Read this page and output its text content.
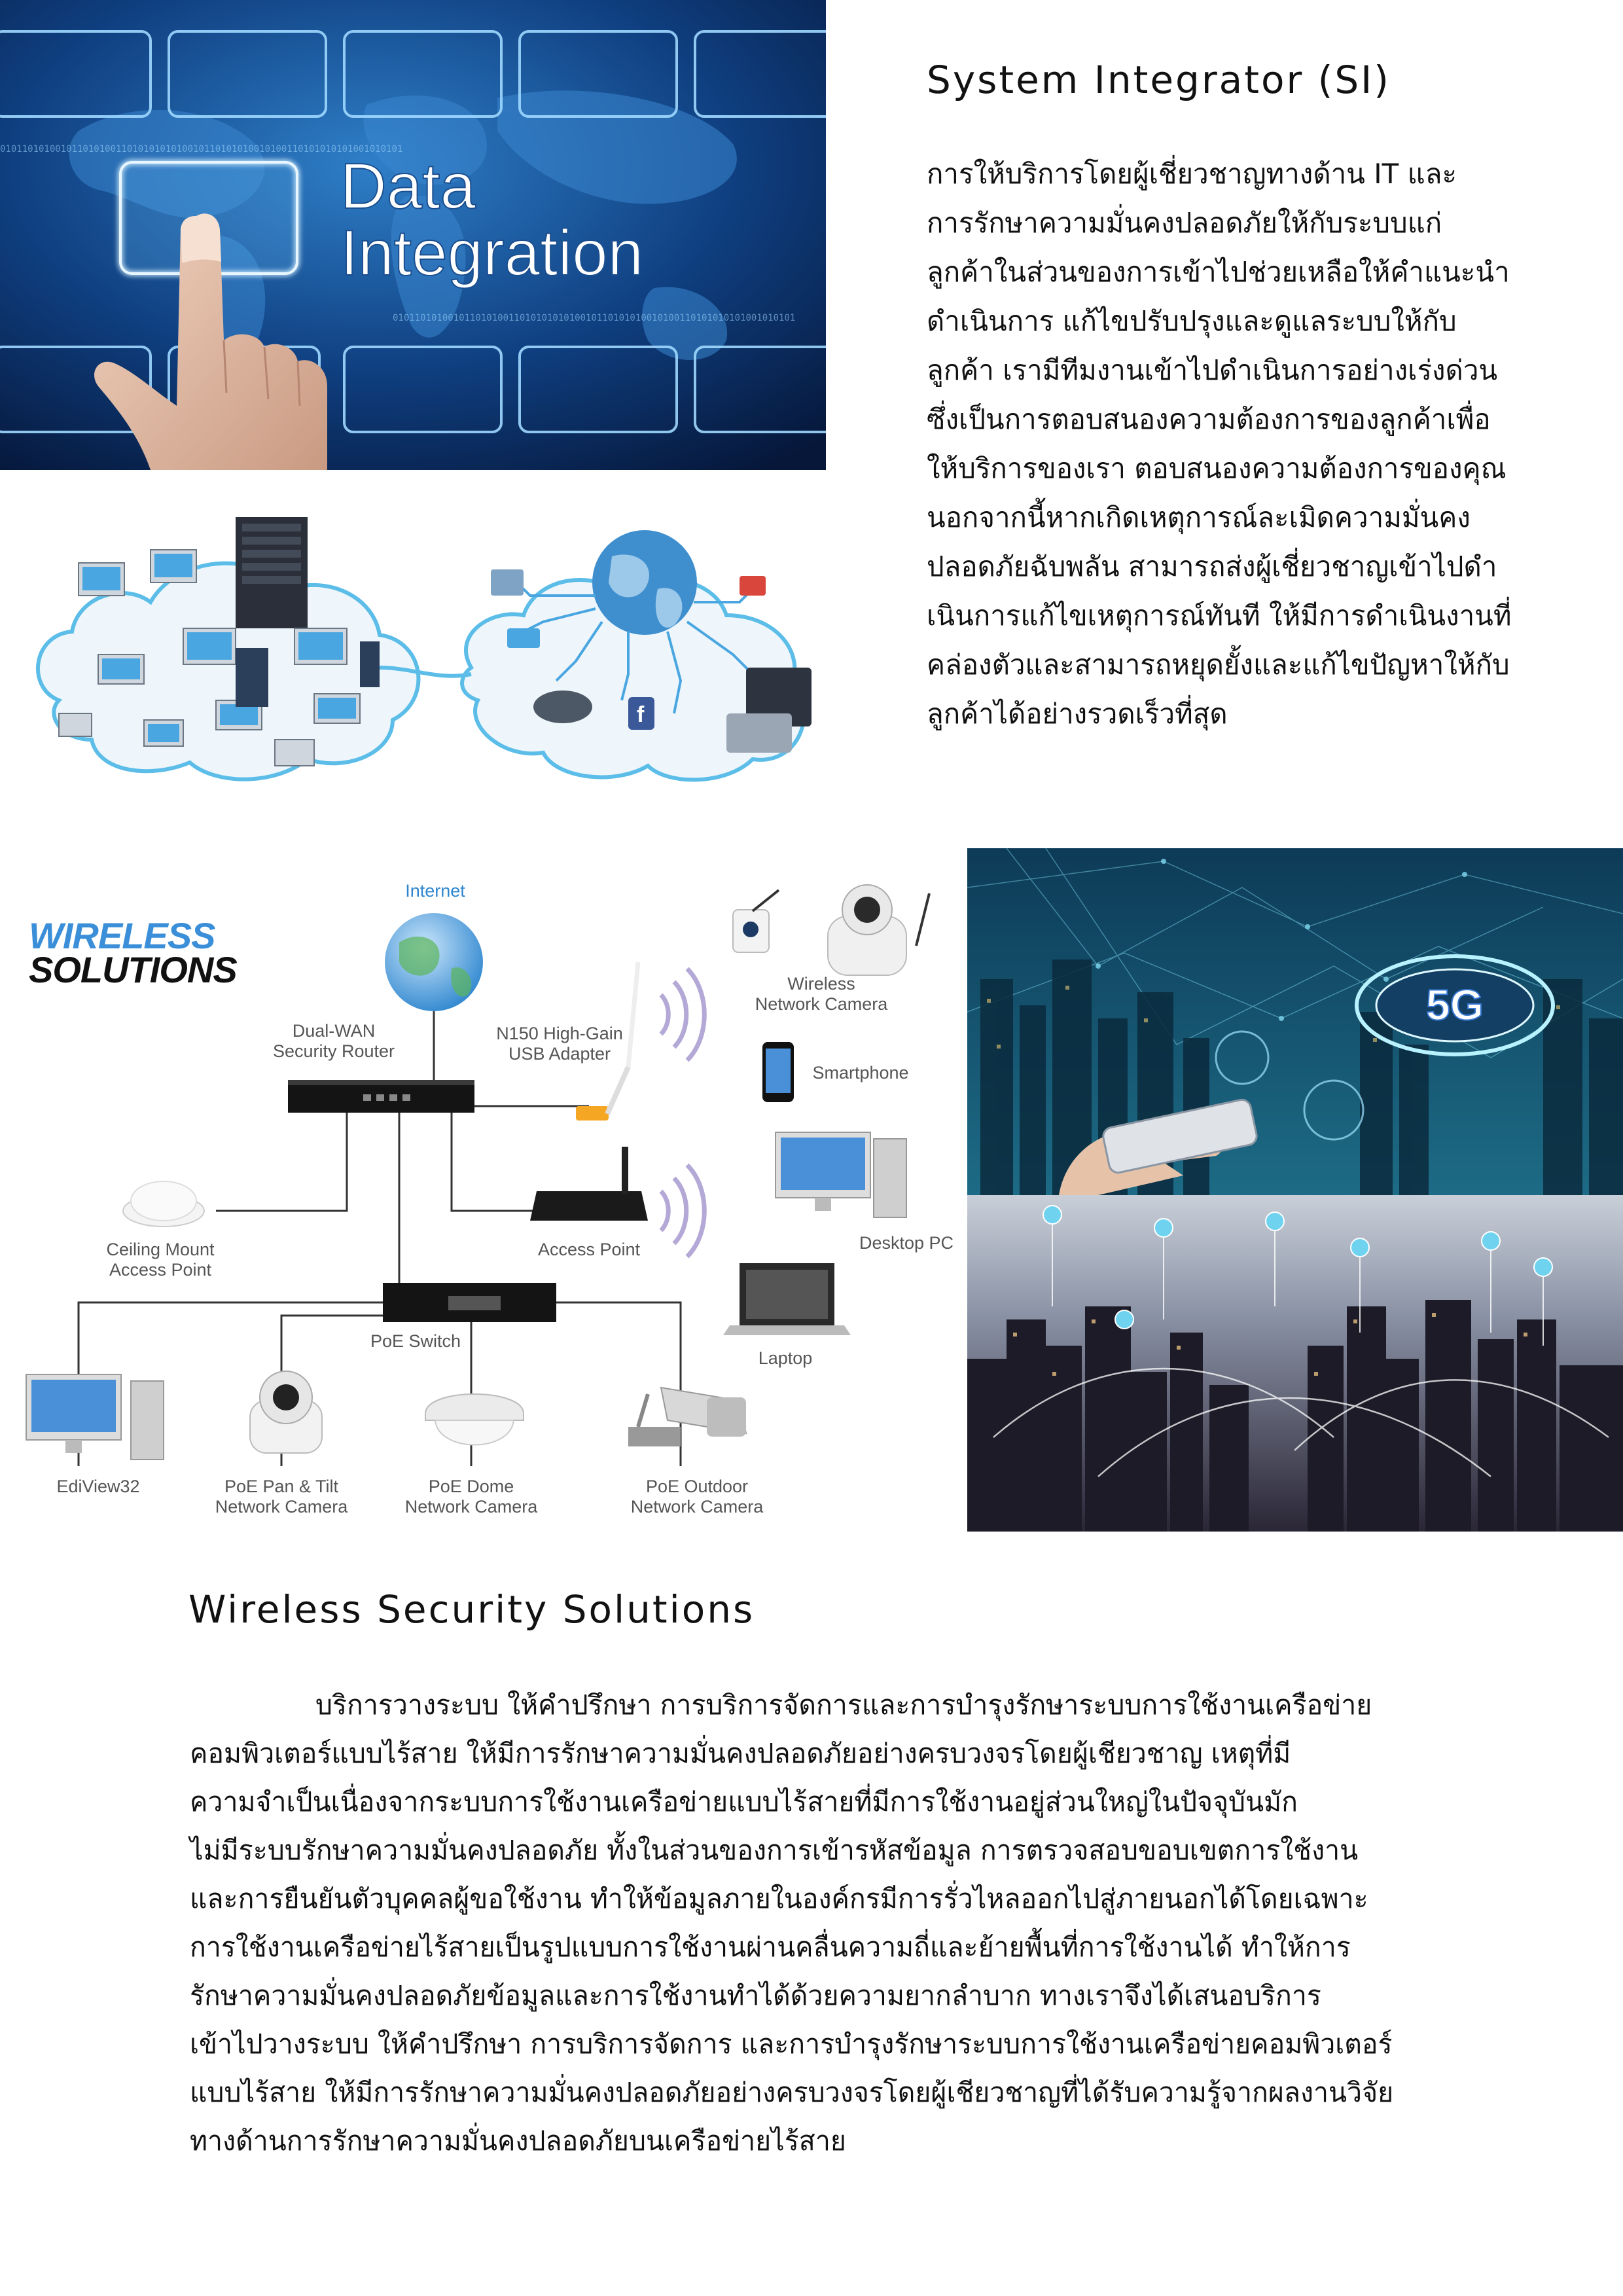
0101101010010110101001101010101010010110101010010100110101010101001010101
0101101010010110101001101010101010010110101010010100110101010101001010101
Data
Integration
f
System Integrator (SI)

การให้บริการโดยผู้เชี่ยวชาญทางด้าน IT และ

การรักษาความมั่นคงปลอดภัยให้กับระบบแก่

ลูกค้าในส่วนของการเข้าไปช่วยเหลือให้คำแนะนำ

ดำเนินการ แก้ไขปรับปรุงและดูแลระบบให้กับ

ลูกค้า เรามีทีมงานเข้าไปดำเนินการอย่างเร่งด่วน

ซึ่งเป็นการตอบสนองความต้องการของลูกค้าเพื่อ

ให้บริการของเรา ตอบสนองความต้องการของคุณ

นอกจากนี้หากเกิดเหตุการณ์ละเมิดความมั่นคง

ปลอดภัยฉับพลัน สามารถส่งผู้เชี่ยวชาญเข้าไปดำ

เนินการแก้ไขเหตุการณ์ทันที ให้มีการดำเนินงานที่

คล่องตัวและสามารถหยุดยั้งและแก้ไขปัญหาให้กับ

ลูกค้าได้อย่างรวดเร็วที่สุด

WIRELESS
SOLUTIONS
Internet
Dual-WAN
Security Router
N150 High-Gain
USB Adapter
Wireless
Network Camera
Smartphone
Ceiling Mount
Access Point
Access Point	Desktop PC
PoE Switch
Laptop
EdiView32	PoE Pan & Tilt
Network Camera
PoE Dome
Network Camera
PoE Outdoor
Network Camera
5G
Wireless Security Solutions

บริการวางระบบ ให้คำปรึกษา การบริการจัดการและการบำรุงรักษาระบบการใช้งานเครือข่าย

คอมพิวเตอร์แบบไร้สาย ให้มีการรักษาความมั่นคงปลอดภัยอย่างครบวงจรโดยผู้เชียวชาญ เหตุที่มี

ความจำเป็นเนื่องจากระบบการใช้งานเครือข่ายแบบไร้สายที่มีการใช้งานอยู่ส่วนใหญ่ในปัจจุบันมัก

ไม่มีระบบรักษาความมั่นคงปลอดภัย ทั้งในส่วนของการเข้ารหัสข้อมูล การตรวจสอบขอบเขตการใช้งาน

และการยืนยันตัวบุคคลผู้ขอใช้งาน ทำให้ข้อมูลภายในองค์กรมีการรั่วไหลออกไปสู่ภายนอกได้โดยเฉพาะ

การใช้งานเครือข่ายไร้สายเป็นรูปแบบการใช้งานผ่านคลื่นความถี่และย้ายพื้นที่การใช้งานได้ ทำให้การ

รักษาความมั่นคงปลอดภัยข้อมูลและการใช้งานทำได้ด้วยความยากลำบาก ทางเราจึงได้เสนอบริการ

เข้าไปวางระบบ ให้คำปรึกษา การบริการจัดการ และการบำรุงรักษาระบบการใช้งานเครือข่ายคอมพิวเตอร์

แบบไร้สาย ให้มีการรักษาความมั่นคงปลอดภัยอย่างครบวงจรโดยผู้เชียวชาญที่ได้รับความรู้จากผลงานวิจัย

ทางด้านการรักษาความมั่นคงปลอดภัยบนเครือข่ายไร้สาย
